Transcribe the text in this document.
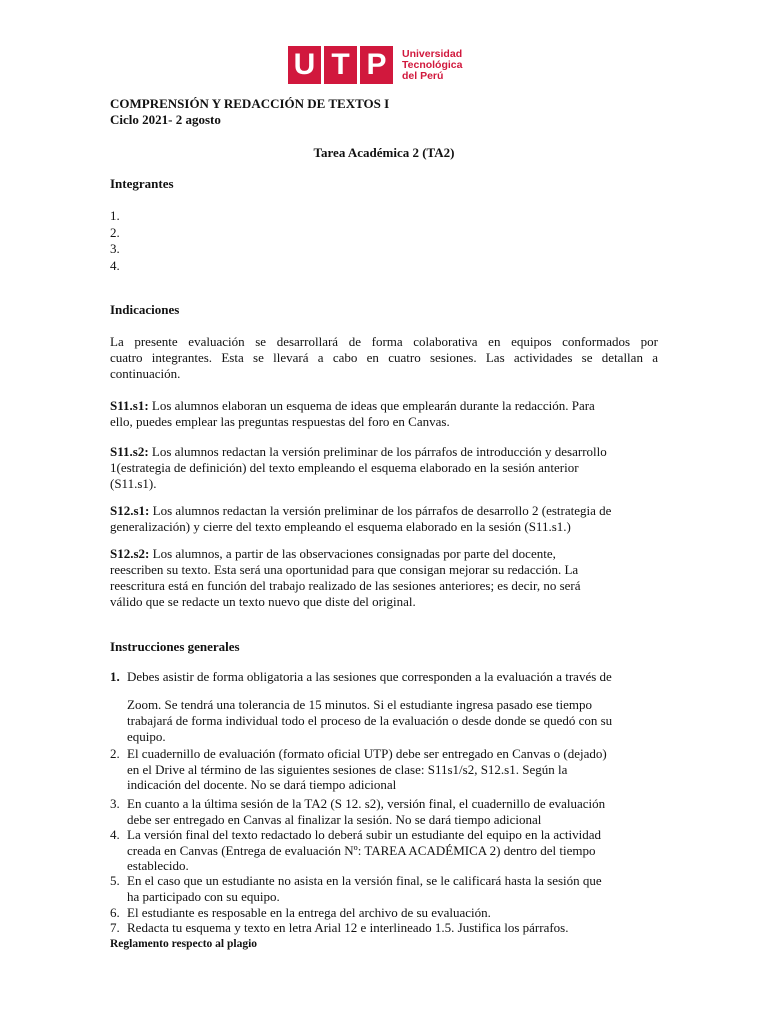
U T P	Universidad
Tecnológica
del Perú
COMPRENSIÓN Y REDACCIÓN DE TEXTOS I
Ciclo 2021- 2 agosto
Tarea Académica 2 (TA2)
Integrantes
1.
2.
3.
4.
Indicaciones
La presente evaluación se desarrollará de forma colaborativa en equipos conformados por
cuatro integrantes. Esta se llevará a cabo en cuatro sesiones. Las actividades se detallan a
continuación.
S11.s1: Los alumnos elaboran un esquema de ideas que emplearán durante la redacción. Para
ello, puedes emplear las preguntas respuestas del foro en Canvas.
S11.s2: Los alumnos redactan la versión preliminar de los párrafos de introducción y desarrollo
1(estrategia de definición) del texto empleando el esquema elaborado en la sesión anterior
(S11.s1).
S12.s1: Los alumnos redactan la versión preliminar de los párrafos de desarrollo 2 (estrategia de
generalización) y cierre del texto empleando el esquema elaborado en la sesión (S11.s1.)
S12.s2: Los alumnos, a partir de las observaciones consignadas por parte del docente,
reescriben su texto. Esta será una oportunidad para que consigan mejorar su redacción. La
reescritura está en función del trabajo realizado de las sesiones anteriores; es decir, no será
válido que se redacte un texto nuevo que diste del original.
Instrucciones generales
1. Debes asistir de forma obligatoria a las sesiones que corresponden a la evaluación a través de
Zoom. Se tendrá una tolerancia de 15 minutos. Si el estudiante ingresa pasado ese tiempo
trabajará de forma individual todo el proceso de la evaluación o desde donde se quedó con su
equipo.
2. El cuadernillo de evaluación (formato oficial UTP) debe ser entregado en Canvas o (dejado)
en el Drive al término de las siguientes sesiones de clase: S11s1/s2, S12.s1. Según la
indicación del docente. No se dará tiempo adicional
3. En cuanto a la última sesión de la TA2 (S 12. s2), versión final, el cuadernillo de evaluación
debe ser entregado en Canvas al finalizar la sesión. No se dará tiempo adicional
4. La versión final del texto redactado lo deberá subir un estudiante del equipo en la actividad
creada en Canvas (Entrega de evaluación Nº: TAREA ACADÉMICA 2) dentro del tiempo
establecido.
5. En el caso que un estudiante no asista en la versión final, se le calificará hasta la sesión que
ha participado con su equipo.
6. El estudiante es resposable en la entrega del archivo de su evaluación.
7. Redacta tu esquema y texto en letra Arial 12 e interlineado 1.5. Justifica los párrafos.
Reglamento respecto al plagio
